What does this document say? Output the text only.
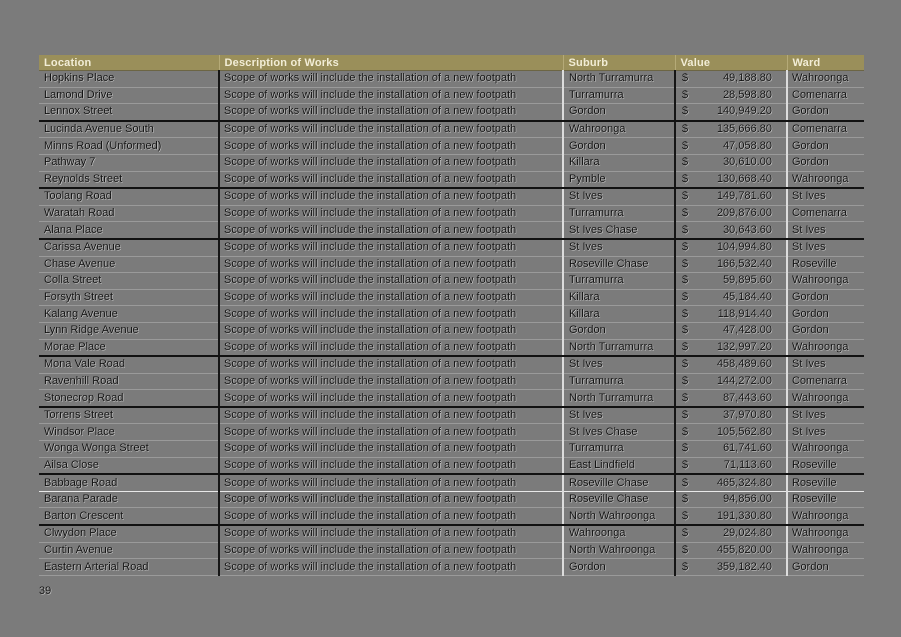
Location	Description of Works	Suburb	Value	Ward
Hopkins Place	Scope of works will include the installation of a new footpath	North Turramurra	$ 49,188.80	Wahroonga
Lamond Drive	Scope of works will include the installation of a new footpath	Turramurra	$ 28,598.80	Comenarra
Lennox Street	Scope of works will include the installation of a new footpath	Gordon	$ 140,949.20	Gordon
Lucinda Avenue South	Scope of works will include the installation of a new footpath	Wahroonga	$ 135,666.80	Comenarra
Minns Road (Unformed)	Scope of works will include the installation of a new footpath	Gordon	$ 47,058.80	Gordon
Pathway 7	Scope of works will include the installation of a new footpath	Killara	$ 30,610.00	Gordon
Reynolds Street	Scope of works will include the installation of a new footpath	Pymble	$ 130,668.40	Wahroonga
Toolang Road	Scope of works will include the installation of a new footpath	St Ives	$ 149,781.60	St Ives
Waratah Road	Scope of works will include the installation of a new footpath	Turramurra	$ 209,876.00	Comenarra
Alana Place	Scope of works will include the installation of a new footpath	St Ives Chase	$ 30,643.60	St Ives
Carissa Avenue	Scope of works will include the installation of a new footpath	St Ives	$ 104,994.80	St Ives
Chase Avenue	Scope of works will include the installation of a new footpath	Roseville Chase	$ 166,532.40	Roseville
Colla Street	Scope of works will include the installation of a new footpath	Turramurra	$ 59,895.60	Wahroonga
Forsyth Street	Scope of works will include the installation of a new footpath	Killara	$ 45,184.40	Gordon
Kalang Avenue	Scope of works will include the installation of a new footpath	Killara	$ 118,914.40	Gordon
Lynn Ridge Avenue	Scope of works will include the installation of a new footpath	Gordon	$ 47,428.00	Gordon
Morae Place	Scope of works will include the installation of a new footpath	North Turramurra	$ 132,997.20	Wahroonga
Mona Vale Road	Scope of works will include the installation of a new footpath	St Ives	$ 458,489.60	St Ives
Ravenhill Road	Scope of works will include the installation of a new footpath	Turramurra	$ 144,272.00	Comenarra
Stonecrop Road	Scope of works will include the installation of a new footpath	North Turramurra	$ 87,443.60	Wahroonga
Torrens Street	Scope of works will include the installation of a new footpath	St Ives	$ 37,970.80	St Ives
Windsor Place	Scope of works will include the installation of a new footpath	St Ives Chase	$ 105,562.80	St Ives
Wonga Wonga Street	Scope of works will include the installation of a new footpath	Turramurra	$ 61,741.60	Wahroonga
Ailsa Close	Scope of works will include the installation of a new footpath	East Lindfield	$ 71,113.60	Roseville
Babbage Road	Scope of works will include the installation of a new footpath	Roseville Chase	$ 465,324.80	Roseville
Barana Parade	Scope of works will include the installation of a new footpath	Roseville Chase	$ 94,856.00	Roseville
Barton Crescent	Scope of works will include the installation of a new footpath	North Wahroonga	$ 191,330.80	Wahroonga
Clwydon Place	Scope of works will include the installation of a new footpath	Wahroonga	$ 29,024.80	Wahroonga
Curtin Avenue	Scope of works will include the installation of a new footpath	North Wahroonga	$ 455,820.00	Wahroonga
Eastern Arterial Road	Scope of works will include the installation of a new footpath	Gordon	$ 359,182.40	Gordon
39
